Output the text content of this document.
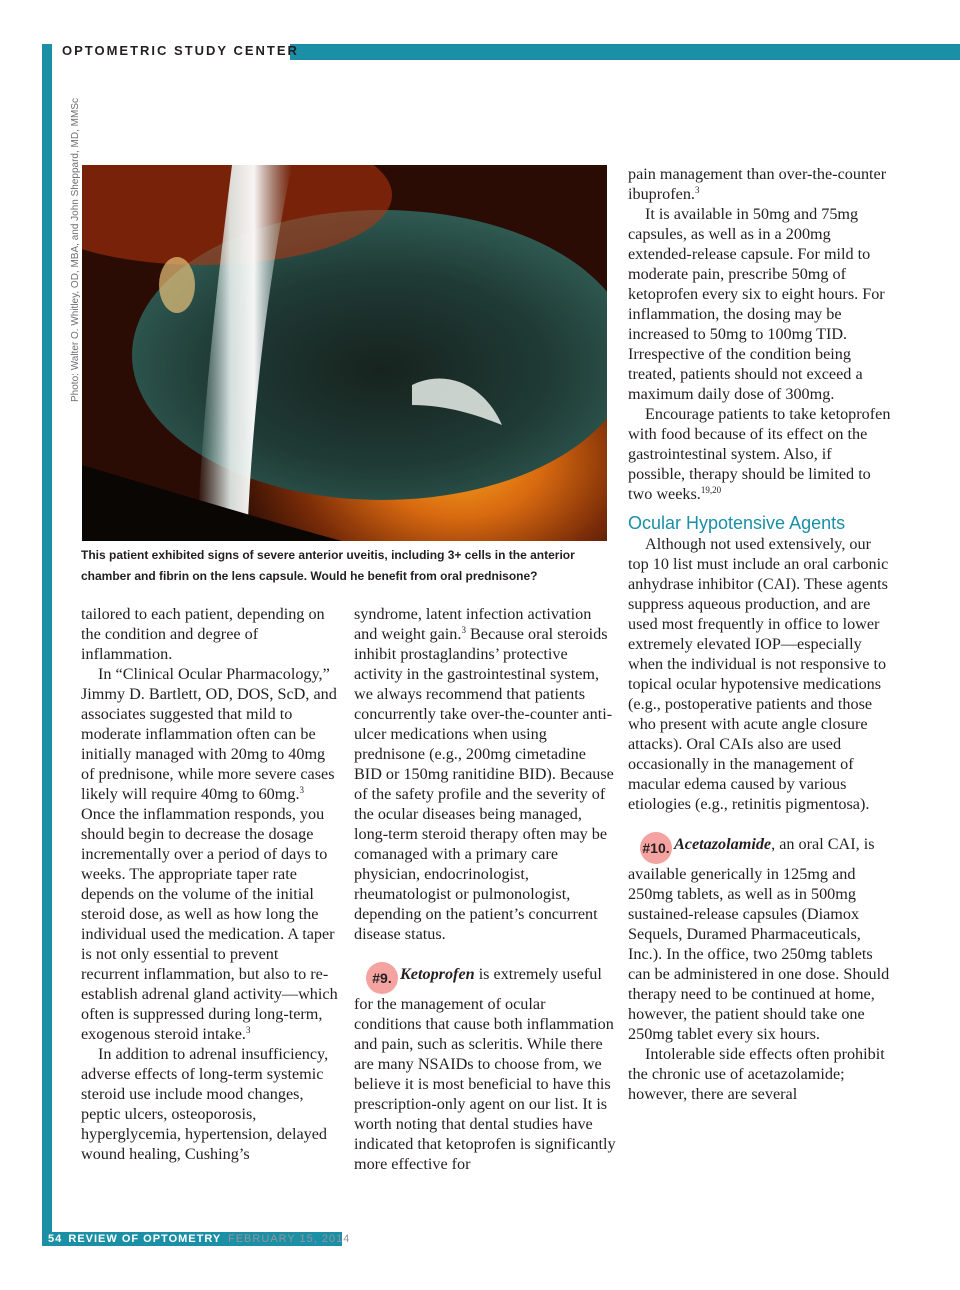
OPTOMETRIC STUDY CENTER
Photo: Walter O. Whitley, OD, MBA, and John Sheppard, MD, MMSc
This patient exhibited signs of severe anterior uveitis, including 3+ cells in the anterior chamber and fibrin on the lens capsule. Would he benefit from oral prednisone?

tailored to each patient, depending on the condition and degree of inflammation.

In “Clinical Ocular Pharmacology,” Jimmy D. Bartlett, OD, DOS, ScD, and associates suggested that mild to moderate inflammation often can be initially managed with 20mg to 40mg of prednisone, while more severe cases likely will require 40mg to 60mg.$^3$ Once the inflammation responds, you should begin to decrease the dosage incrementally over a period of days to weeks. The appropriate taper rate depends on the volume of the initial steroid dose, as well as how long the individual used the medication. A taper is not only essential to prevent recurrent inflammation, but also to re-establish adrenal gland activity—which often is suppressed during long-term, exogenous steroid intake.$^3$

In addition to adrenal insufficiency, adverse effects of long-term systemic steroid use include mood changes, peptic ulcers, osteoporosis, hyperglycemia, hypertension, delayed wound healing, Cushing’s

syndrome, latent infection activation and weight gain.$^3$ Because oral steroids inhibit prostaglandins’ protective activity in the gastrointestinal system, we always recommend that patients concurrently take over-the-counter anti-ulcer medications when using prednisone (e.g., 200mg cimetadine BID or 150mg ranitidine BID). Because of the safety profile and the severity of the ocular diseases being managed, long-term steroid therapy often may be comanaged with a primary care physician, endocrinologist, rheumatologist or pulmonologist, depending on the patient’s concurrent disease status.

#9. Ketoprofen is extremely useful for the management of ocular conditions that cause both inflammation and pain, such as scleritis. While there are many NSAIDs to choose from, we believe it is most beneficial to have this prescription-only agent on our list. It is worth noting that dental studies have indicated that ketoprofen is significantly more effective for

pain management than over-the-counter ibuprofen.$^3$

It is available in 50mg and 75mg capsules, as well as in a 200mg extended-release capsule. For mild to moderate pain, prescribe 50mg of ketoprofen every six to eight hours. For inflammation, the dosing may be increased to 50mg to 100mg TID. Irrespective of the condition being treated, patients should not exceed a maximum daily dose of 300mg.

Encourage patients to take ketoprofen with food because of its effect on the gastrointestinal system. Also, if possible, therapy should be limited to two weeks.$^{19,20}$

Ocular Hypotensive Agents

Although not used extensively, our top 10 list must include an oral carbonic anhydrase inhibitor (CAI). These agents suppress aqueous production, and are used most frequently in office to lower extremely elevated IOP—especially when the individual is not responsive to topical ocular hypotensive medications (e.g., postoperative patients and those who present with acute angle closure attacks). Oral CAIs also are used occasionally in the management of macular edema caused by various etiologies (e.g., retinitis pigmentosa).

#10. Acetazolamide, an oral CAI, is available generically in 125mg and 250mg tablets, as well as in 500mg sustained-release capsules (Diamox Sequels, Duramed Pharmaceuticals, Inc.). In the office, two 250mg tablets can be administered in one dose. Should therapy need to be continued at home, however, the patient should take one 250mg tablet every six hours.

Intolerable side effects often prohibit the chronic use of acetazolamide; however, there are several

54 REVIEW OF OPTOMETRY FEBRUARY 15, 2014
